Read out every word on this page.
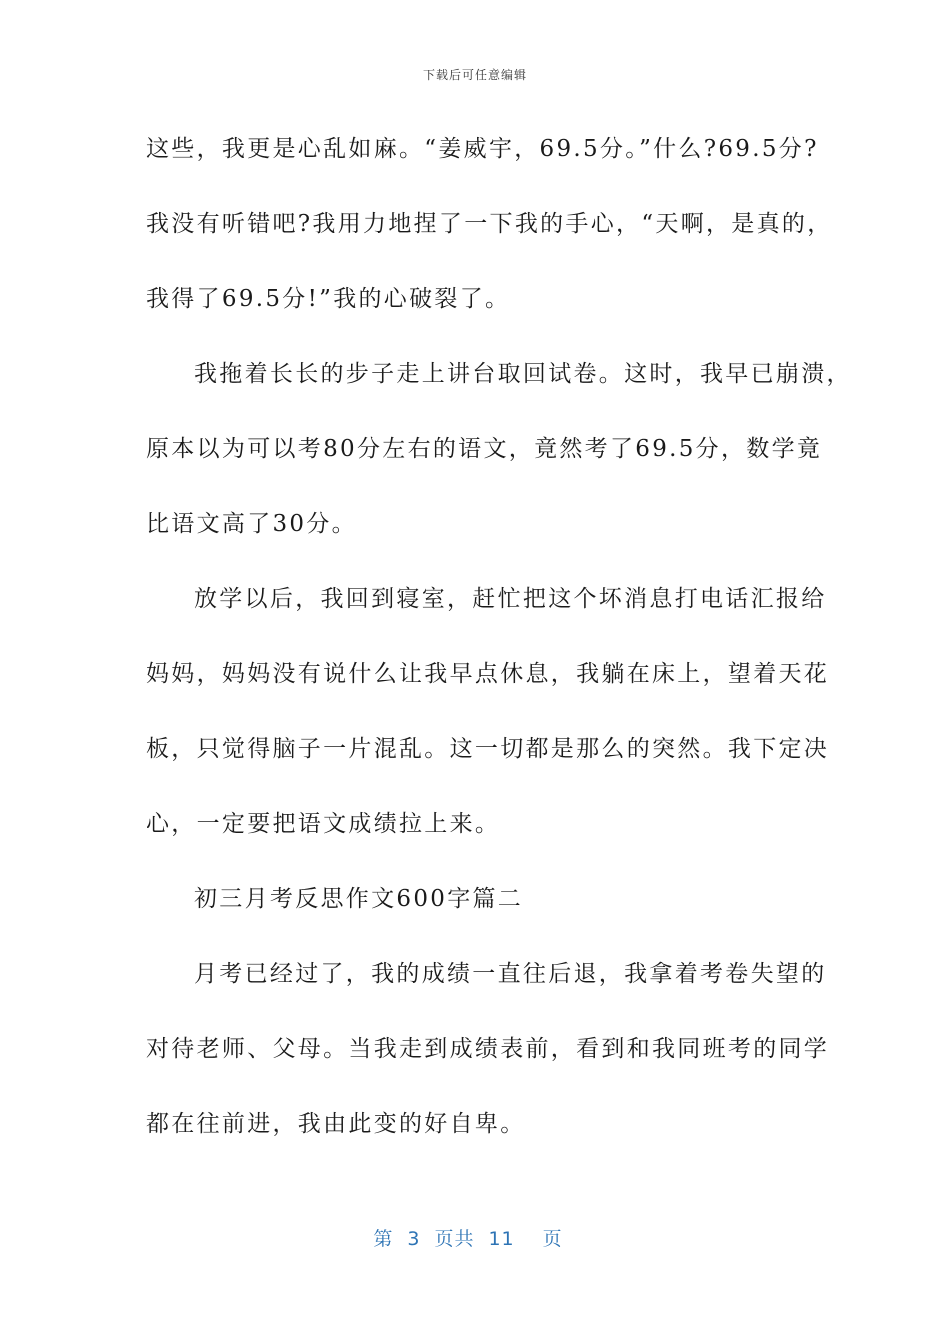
下载后可任意编辑

这些，我更是心乱如麻。“姜威宇，69.5分。”什么?69.5分?
我没有听错吧?我用力地捏了一下我的手心，“天啊，是真的，
我得了69.5分!”我的心破裂了。

我拖着长长的步子走上讲台取回试卷。这时，我早已崩溃，
原本以为可以考80分左右的语文，竟然考了69.5分，数学竟
比语文高了30分。

放学以后，我回到寝室，赶忙把这个坏消息打电话汇报给
妈妈，妈妈没有说什么让我早点休息，我躺在床上，望着天花
板，只觉得脑子一片混乱。这一切都是那么的突然。我下定决
心，一定要把语文成绩拉上来。

初三月考反思作文600字篇二

月考已经过了，我的成绩一直往后退，我拿着考卷失望的
对待老师、父母。当我走到成绩表前，看到和我同班考的同学
都在往前进，我由此变的好自卑。

第 3 页共 11 页
